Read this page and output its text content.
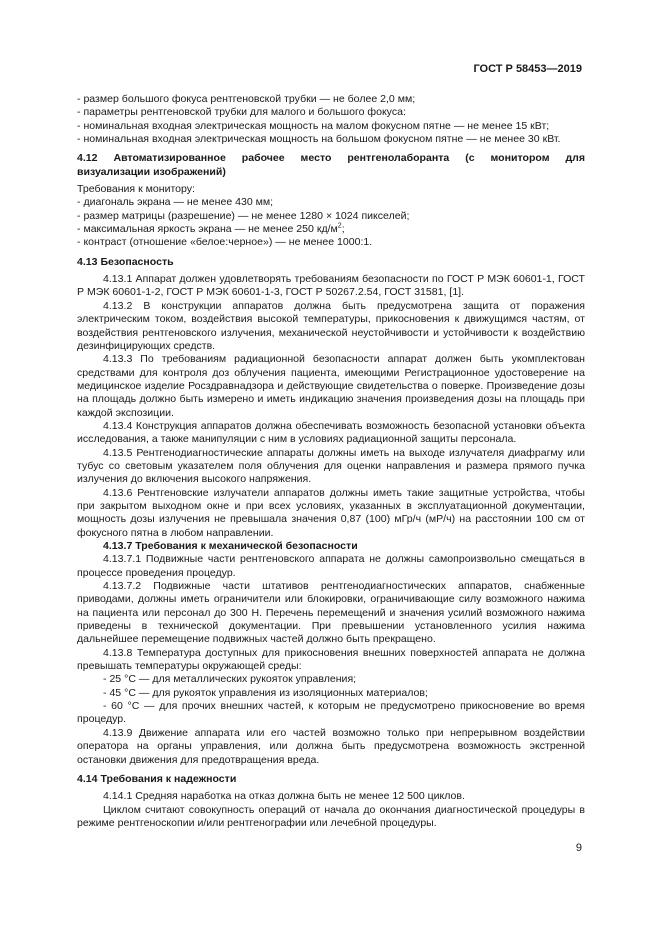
ГОСТ Р 58453—2019

- размер большого фокуса рентгеновской трубки — не более 2,0 мм;

- параметры рентгеновской трубки для малого и большого фокуса:

- номинальная входная электрическая мощность на малом фокусном пятне — не менее 15 кВт;

- номинальная входная электрическая мощность на большом фокусном пятне — не менее 30 кВт.

4.12 Автоматизированное рабочее место рентгенолаборанта (с монитором для
визуализации изображений)

Требования к монитору:

- диагональ экрана — не менее 430 мм;

- размер матрицы (разрешение) — не менее 1280 × 1024 пикселей;

- максимальная яркость экрана — не менее 250 $кд/м^2$;

- контраст (отношение «белое:черное») — не менее 1000:1.

4.13 Безопасность

4.13.1 Аппарат должен удовлетворять требованиям безопасности по ГОСТ Р МЭК 60601-1, ГОСТ Р МЭК 60601-1-2, ГОСТ Р МЭК 60601-1-3, ГОСТ Р 50267.2.54, ГОСТ 31581, [1].

4.13.2 В конструкции аппаратов должна быть предусмотрена защита от поражения электрическим током, воздействия высокой температуры, прикосновения к движущимся частям, от воздействия рентгеновского излучения, механической неустойчивости и устойчивости к воздействию дезинфицирующих средств.

4.13.3 По требованиям радиационной безопасности аппарат должен быть укомплектован средствами для контроля доз облучения пациента, имеющими Регистрационное удостоверение на медицинское изделие Росздравнадзора и действующие свидетельства о поверке. Произведение дозы на площадь должно быть измерено и иметь индикацию значения произведения дозы на площадь при каждой экспозиции.

4.13.4 Конструкция аппаратов должна обеспечивать возможность безопасной установки объекта исследования, а также манипуляции с ним в условиях радиационной защиты персонала.

4.13.5 Рентгенодиагностические аппараты должны иметь на выходе излучателя диафрагму или тубус со световым указателем поля облучения для оценки направления и размера прямого пучка излучения до включения высокого напряжения.

4.13.6 Рентгеновские излучатели аппаратов должны иметь такие защитные устройства, чтобы при закрытом выходном окне и при всех условиях, указанных в эксплуатационной документации, мощность дозы излучения не превышала значения 0,87 (100) мГр/ч (мР/ч) на расстоянии 100 см от фокусного пятна в любом направлении.

4.13.7 Требования к механической безопасности

4.13.7.1 Подвижные части рентгеновского аппарата не должны самопроизвольно смещаться в процессе проведения процедур.

4.13.7.2 Подвижные части штативов рентгенодиагностических аппаратов, снабженные приводами, должны иметь ограничители или блокировки, ограничивающие силу возможного нажима на пациента или персонал до 300 Н. Перечень перемещений и значения усилий возможного нажима приведены в технической документации. При превышении установленного усилия нажима дальнейшее перемещение подвижных частей должно быть прекращено.

4.13.8 Температура доступных для прикосновения внешних поверхностей аппарата не должна превышать температуры окружающей среды:

- 25 °С — для металлических рукояток управления;

- 45 °С — для рукояток управления из изоляционных материалов;

- 60 °С — для прочих внешних частей, к которым не предусмотрено прикосновение во время процедур.

4.13.9 Движение аппарата или его частей возможно только при непрерывном воздействии оператора на органы управления, или должна быть предусмотрена возможность экстренной остановки движения для предотвращения вреда.

4.14 Требования к надежности

4.14.1 Средняя наработка на отказ должна быть не менее 12 500 циклов.

Циклом считают совокупность операций от начала до окончания диагностической процедуры в режиме рентгеноскопии и/или рентгенографии или лечебной процедуры.

9
